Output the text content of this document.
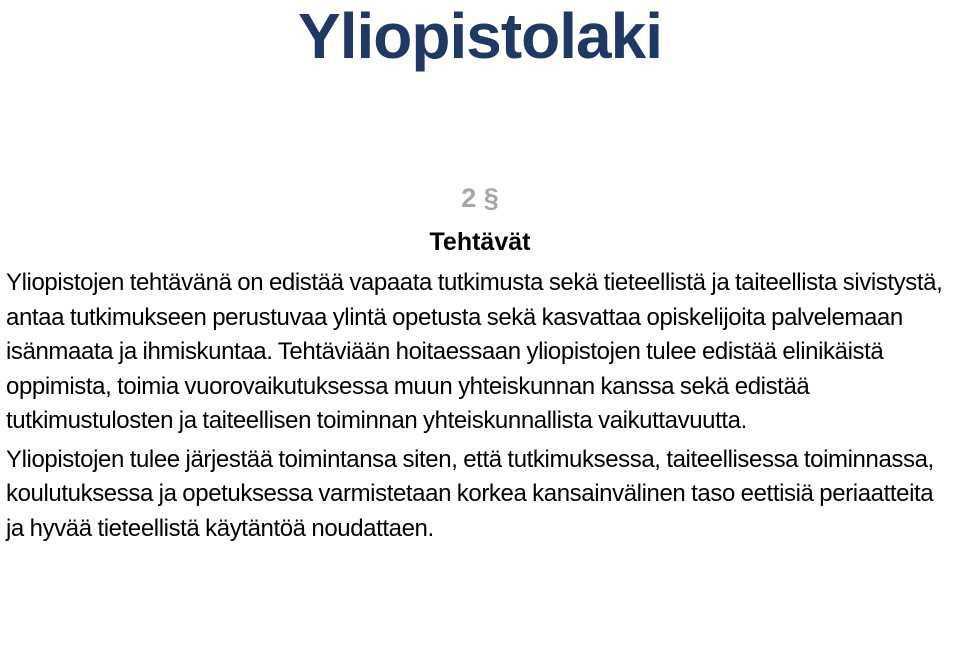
Yliopistolaki
2 §
Tehtävät

Yliopistojen tehtävänä on edistää vapaata tutkimusta sekä tieteellistä ja taiteellista sivistystä, antaa tutkimukseen perustuvaa ylintä opetusta sekä kasvattaa opiskelijoita palvelemaan isänmaata ja ihmiskuntaa. Tehtäviään hoitaessaan yliopistojen tulee edistää elinikäistä oppimista, toimia vuorovaikutuksessa muun yhteiskunnan kanssa sekä edistää tutkimustulosten ja taiteellisen toiminnan yhteiskunnallista vaikuttavuutta.

Yliopistojen tulee järjestää toimintansa siten, että tutkimuksessa, taiteellisessa toiminnassa, koulutuksessa ja opetuksessa varmistetaan korkea kansainvälinen taso eettisiä periaatteita ja hyvää tieteellistä käytäntöä noudattaen.
